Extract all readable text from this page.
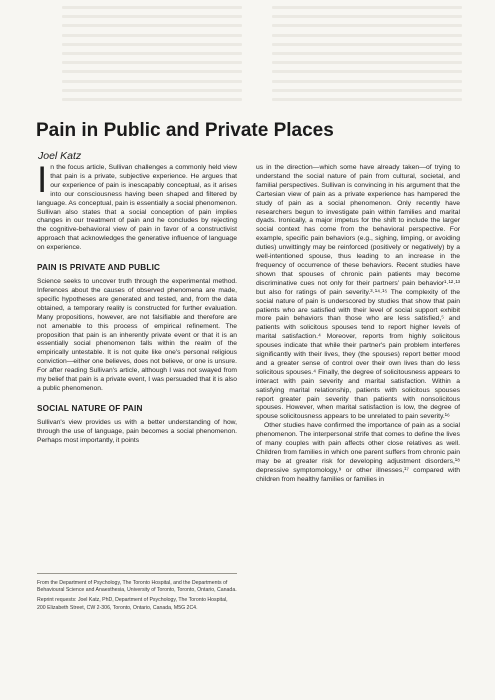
Pain in Public and Private Places

Joel Katz

In the focus article, Sullivan challenges a commonly held view that pain is a private, subjective experience. He argues that our experience of pain is inescapably conceptual, as it arises into our consciousness having been shaped and filtered by language. As conceptual, pain is essentially a social phenomenon. Sullivan also states that a social conception of pain implies changes in our treatment of pain and he concludes by rejecting the cognitive-behavioral view of pain in favor of a constructivist approach that acknowledges the generative influence of language on experience.

PAIN IS PRIVATE AND PUBLIC

Science seeks to uncover truth through the experimental method. Inferences about the causes of observed phenomena are made, specific hypotheses are generated and tested, and, from the data obtained, a temporary reality is constructed for further evaluation. Many propositions, however, are not falsifiable and therefore are not amenable to this process of empirical refinement. The proposition that pain is an inherently private event or that it is an essentially social phenomenon falls within the realm of the empirically untestable. It is not quite like one's personal religious conviction—either one believes, does not believe, or one is unsure. For after reading Sullivan's article, although I was not swayed from my belief that pain is a private event, I was persuaded that it is also a public phenomenon.

SOCIAL NATURE OF PAIN

Sullivan's view provides us with a better understanding of how, through the use of language, pain becomes a social phenomenon. Perhaps most importantly, it points

us in the direction—which some have already taken—of trying to understand the social nature of pain from cultural, societal, and familial perspectives. Sullivan is convincing in his argument that the Cartesian view of pain as a private experience has hampered the study of pain as a social phenomenon. Only recently have researchers begun to investigate pain within families and marital dyads. Ironically, a major impetus for the shift to include the larger social context has come from the behavioral perspective. For example, specific pain behaviors (e.g., sighing, limping, or avoiding duties) unwittingly may be reinforced (positively or negatively) by a well-intentioned spouse, thus leading to an increase in the frequency of occurrence of these behaviors. Recent studies have shown that spouses of chronic pain patients may become discriminative cues not only for their partners' pain behavior¹·¹²·¹³ but also for ratings of pain severity.³·¹⁴·¹⁵ The complexity of the social nature of pain is underscored by studies that show that pain patients who are satisfied with their level of social support exhibit more pain behaviors than those who are less satisfied,⁵ and patients with solicitous spouses tend to report higher levels of marital satisfaction.⁴ Moreover, reports from highly solicitous spouses indicate that while their partner's pain problem interferes significantly with their lives, they (the spouses) report better mood and a greater sense of control over their own lives than do less solicitous spouses.⁴ Finally, the degree of solicitousness appears to interact with pain severity and marital satisfaction. Within a satisfying marital relationship, patients with solicitous spouses report greater pain severity than patients with nonsolicitous spouses. However, when marital satisfaction is low, the degree of spouse solicitousness appears to be unrelated to pain severity.¹⁶

Other studies have confirmed the importance of pain as a social phenomenon. The interpersonal strife that comes to define the lives of many couples with pain affects other close relatives as well. Children from families in which one parent suffers from chronic pain may be at greater risk for developing adjustment disorders,¹⁸ depressive symptomology,⁹ or other illnesses,¹⁷ compared with children from healthy families or families in

From the Department of Psychology, The Toronto Hospital, and the Departments of Behavioural Science and Anaesthesia, University of Toronto, Toronto, Ontario, Canada.

Reprint requests: Joel Katz, PhD, Department of Psychology, The Toronto Hospital, 200 Elizabeth Street, CW 2-306, Toronto, Ontario, Canada, M5G 2C4.
